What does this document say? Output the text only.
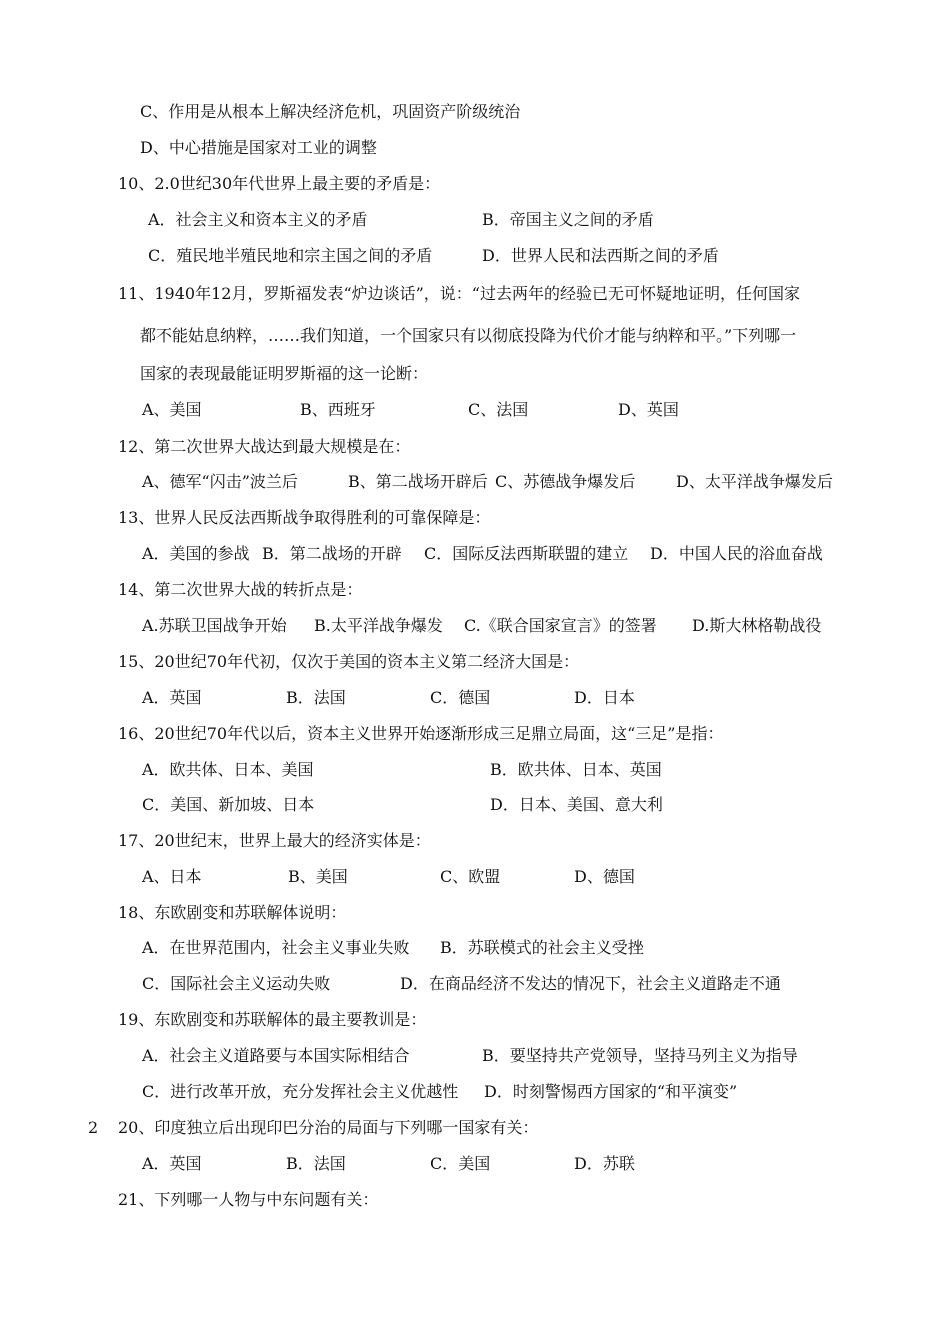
C、作用是从根本上解决经济危机，巩固资产阶级统治
D、中心措施是国家对工业的调整
10、2.0世纪30年代世界上最主要的矛盾是：
A．社会主义和资本主义的矛盾	B．帝国主义之间的矛盾
C．殖民地半殖民地和宗主国之间的矛盾	D．世界人民和法西斯之间的矛盾
11、1940年12月，罗斯福发表“炉边谈话”，说：“过去两年的经验已无可怀疑地证明，任何国家
都不能姑息纳粹，……我们知道，一个国家只有以彻底投降为代价才能与纳粹和平。”下列哪一
国家的表现最能证明罗斯福的这一论断：
A、美国	B、西班牙	C、法国	D、英国
12、第二次世界大战达到最大规模是在：
A、德军“闪击”波兰后	B、第二战场开辟后 C、苏德战争爆发后	D、太平洋战争爆发后
13、世界人民反法西斯战争取得胜利的可靠保障是：
A．美国的参战 B．第二战场的开辟 C．国际反法西斯联盟的建立 D．中国人民的浴血奋战
14、第二次世界大战的转折点是：
A.苏联卫国战争开始 B.太平洋战争爆发 C.《联合国家宣言》的签署 D.斯大林格勒战役
15、20世纪70年代初，仅次于美国的资本主义第二经济大国是：
A．英国	B．法国	C．德国	D．日本
16、20世纪70年代以后，资本主义世界开始逐渐形成三足鼎立局面，这“三足”是指：
A．欧共体、日本、美国	B．欧共体、日本、英国
C．美国、新加坡、日本	D．日本、美国、意大利
17、20世纪末，世界上最大的经济实体是：
A、日本	B、美国	C、欧盟	D、德国
18、东欧剧变和苏联解体说明：
A．在世界范围内，社会主义事业失败 B．苏联模式的社会主义受挫
C．国际社会主义运动失败	D．在商品经济不发达的情况下，社会主义道路走不通
19、东欧剧变和苏联解体的最主要教训是：
A．社会主义道路要与本国实际相结合	B．要坚持共产党领导，坚持马列主义为指导
C．进行改革开放，充分发挥社会主义优越性 D．时刻警惕西方国家的“和平演变”
2 20、印度独立后出现印巴分治的局面与下列哪一国家有关：
A．英国	B．法国	C．美国	D．苏联
21、下列哪一人物与中东问题有关：
